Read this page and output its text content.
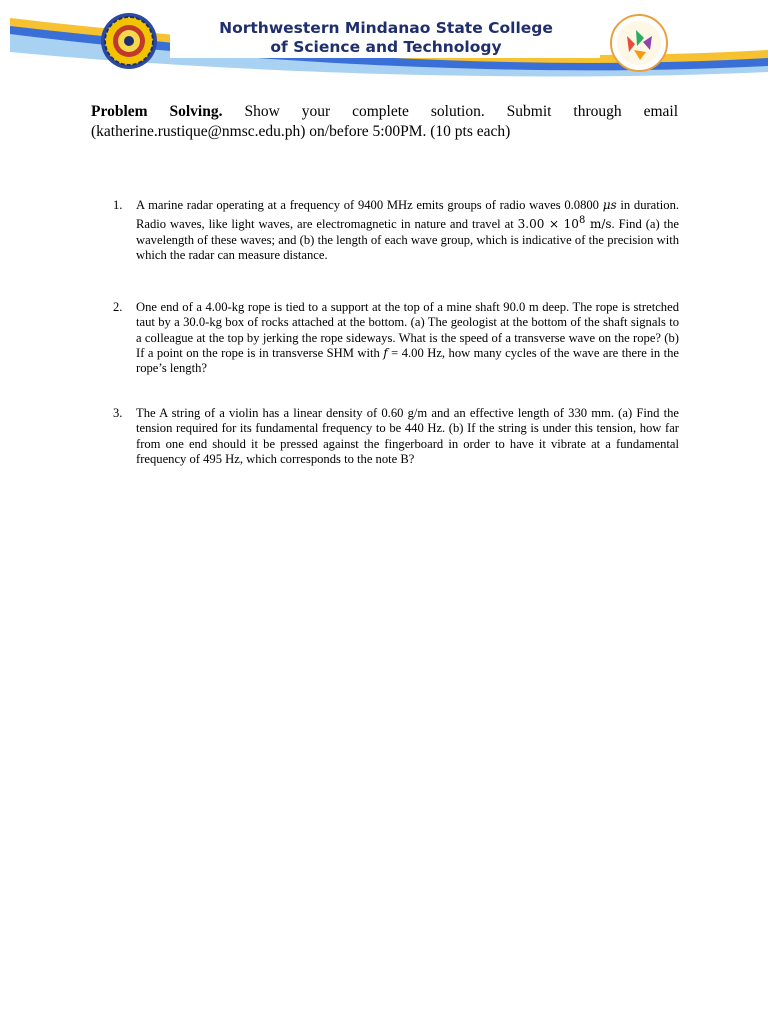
Northwestern Mindanao State College
of Science and Technology
Problem Solving. Show your complete solution. Submit through email
(katherine.rustique@nmsc.edu.ph) on/before 5:00PM. (10 pts each)
1. A marine radar operating at a frequency of 9400 MHz emits groups of radio waves 0.0800 μs in duration. Radio waves, like light waves, are electromagnetic in nature and travel at $3.00 \times 10^8$ m/s. Find (a) the wavelength of these waves; and (b) the length of each wave group, which is indicative of the precision with which the radar can measure distance.
2. One end of a 4.00-kg rope is tied to a support at the top of a mine shaft 90.0 m deep. The rope is stretched taut by a 30.0-kg box of rocks attached at the bottom. (a) The geologist at the bottom of the shaft signals to a colleague at the top by jerking the rope sideways. What is the speed of a transverse wave on the rope? (b) If a point on the rope is in transverse SHM with f = 4.00 Hz, how many cycles of the wave are there in the rope’s length?
3. The A string of a violin has a linear density of 0.60 g/m and an effective length of 330 mm. (a) Find the tension required for its fundamental frequency to be 440 Hz. (b) If the string is under this tension, how far from one end should it be pressed against the fingerboard in order to have it vibrate at a fundamental frequency of 495 Hz, which corresponds to the note B?
